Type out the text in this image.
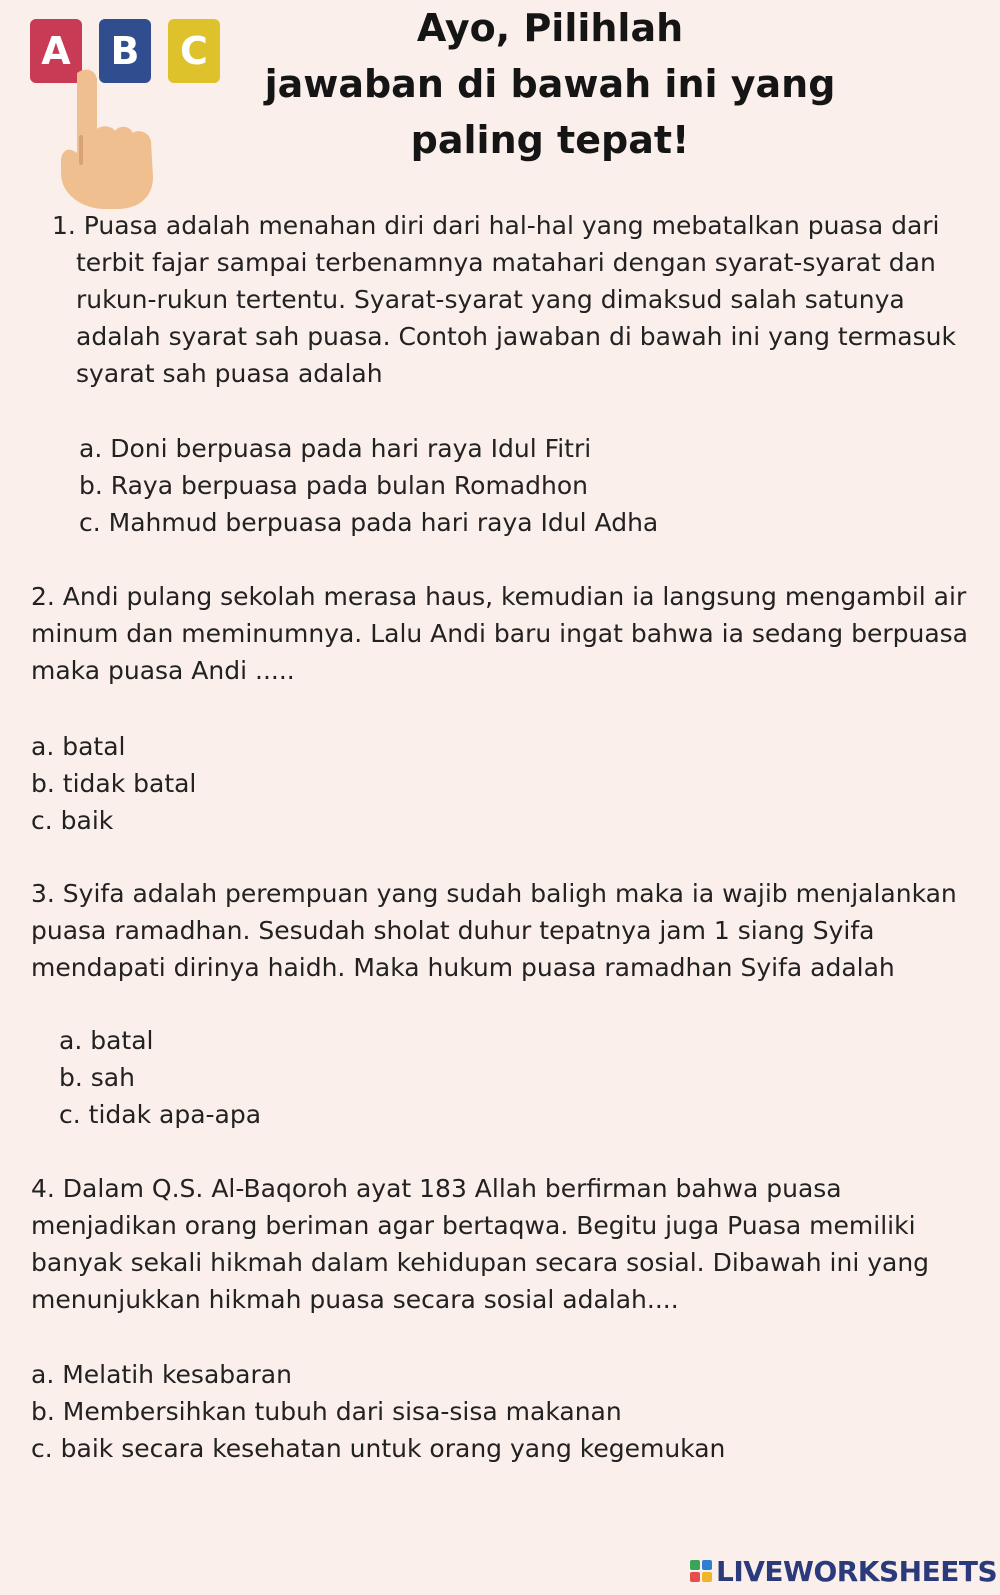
A	B	C
Ayo, Pilihlah
jawaban di bawah ini yang
paling tepat!
1. Puasa adalah menahan diri dari hal-hal yang mebatalkan puasa dari
terbit fajar sampai terbenamnya matahari dengan syarat-syarat dan
rukun-rukun tertentu. Syarat-syarat yang dimaksud salah satunya
adalah syarat sah puasa. Contoh jawaban di bawah ini yang termasuk
syarat sah puasa adalah
a. Doni berpuasa pada hari raya Idul Fitri
b. Raya berpuasa pada bulan Romadhon
c. Mahmud berpuasa pada hari raya Idul Adha
2. Andi pulang sekolah merasa haus, kemudian ia langsung mengambil air
minum dan meminumnya. Lalu Andi baru ingat bahwa ia sedang berpuasa
maka puasa Andi .....
a. batal
b. tidak batal
c. baik
3. Syifa adalah perempuan yang sudah baligh maka ia wajib menjalankan
puasa ramadhan. Sesudah sholat duhur tepatnya jam 1 siang Syifa
mendapati dirinya haidh. Maka hukum puasa ramadhan Syifa adalah
a. batal
b. sah
c. tidak apa-apa
4. Dalam Q.S. Al-Baqoroh ayat 183 Allah berfirman bahwa puasa
menjadikan orang beriman agar bertaqwa. Begitu juga Puasa memiliki
banyak sekali hikmah dalam kehidupan secara sosial. Dibawah ini yang
menunjukkan hikmah puasa secara sosial adalah....
a. Melatih kesabaran
b. Membersihkan tubuh dari sisa-sisa makanan
c. baik secara kesehatan untuk orang yang kegemukan
LIVEWORKSHEETS
